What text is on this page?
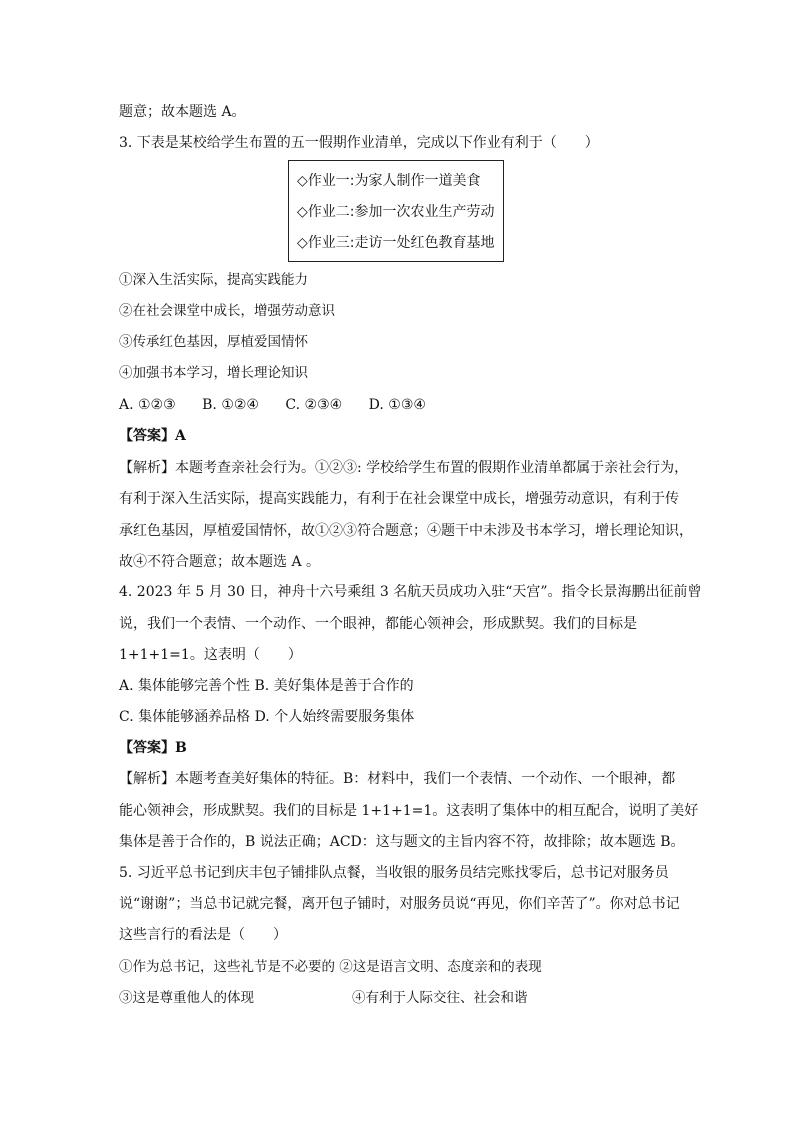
题意；故本题选 A。
3. 下表是某校给学生布置的五一假期作业清单，完成以下作业有利于（　　）
◇作业一:为家人制作一道美食
◇作业二:参加一次农业生产劳动
◇作业三:走访一处红色教育基地
①深入生活实际，提高实践能力
②在社会课堂中成长，增强劳动意识
③传承红色基因，厚植爱国情怀
④加强书本学习，增长理论知识
A. ①②③ B. ①②④ C. ②③④ D. ①③④
【答案】A
【解析】本题考查亲社会行为。①②③: 学校给学生布置的假期作业清单都属于亲社会行为，
有利于深入生活实际，提高实践能力，有利于在社会课堂中成长，增强劳动意识，有利于传
承红色基因，厚植爱国情怀，故①②③符合题意；④题干中未涉及书本学习，增长理论知识，
故④不符合题意；故本题选 A 。
4. 2023 年 5 月 30 日，神舟十六号乘组 3 名航天员成功入驻“天宫”。指令长景海鹏出征前曾
说，我们一个表情、一个动作、一个眼神，都能心领神会，形成默契。我们的目标是
1+1+1=1。这表明（　　）
A. 集体能够完善个性 B. 美好集体是善于合作的
C. 集体能够涵养品格 D. 个人始终需要服务集体
【答案】B
【解析】本题考查美好集体的特征。B：材料中，我们一个表情、一个动作、一个眼神，都
能心领神会，形成默契。我们的目标是 1+1+1=1。这表明了集体中的相互配合，说明了美好
集体是善于合作的，B 说法正确；ACD：这与题文的主旨内容不符，故排除；故本题选 B。
5. 习近平总书记到庆丰包子铺排队点餐，当收银的服务员结完账找零后，总书记对服务员
说“谢谢”；当总书记就完餐，离开包子铺时，对服务员说“再见，你们辛苦了”。你对总书记
这些言行的看法是（　　）
①作为总书记，这些礼节是不必要的 ②这是语言文明、态度亲和的表现
③这是尊重他人的体现	④有利于人际交往、社会和谐
